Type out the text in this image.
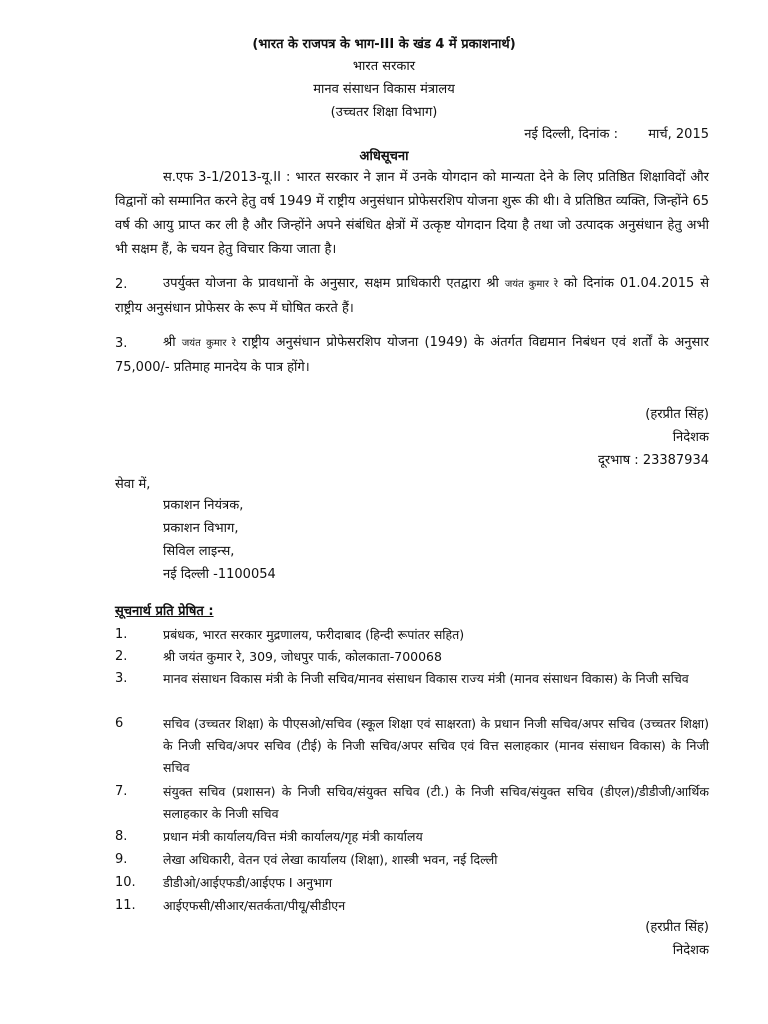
(भारत के राजपत्र के भाग-III के खंड 4 में प्रकाशनार्थ)
भारत सरकार
मानव संसाधन विकास मंत्रालय
(उच्चतर शिक्षा विभाग)
नई दिल्ली, दिनांक : मार्च, 2015
अधिसूचना
स.एफ 3-1/2013-यू.II : भारत सरकार ने ज्ञान में उनके योगदान को मान्यता देने के लिए प्रतिष्ठित शिक्षाविदों और विद्वानों को सम्मानित करने हेतु वर्ष 1949 में राष्ट्रीय अनुसंधान प्रोफेसरशिप योजना शुरू की थी। वे प्रतिष्ठित व्यक्ति, जिन्होंने 65 वर्ष की आयु प्राप्त कर ली है और जिन्होंने अपने संबंधित क्षेत्रों में उत्कृष्ट योगदान दिया है तथा जो उत्पादक अनुसंधान हेतु अभी भी सक्षम हैं, के चयन हेतु विचार किया जाता है।
2.	उपर्युक्त योजना के प्रावधानों के अनुसार, सक्षम प्राधिकारी एतद्वारा श्री जयंत कुमार रे को दिनांक 01.04.2015 से राष्ट्रीय अनुसंधान प्रोफेसर के रूप में घोषित करते हैं।
3.	श्री जयंत कुमार रे राष्ट्रीय अनुसंधान प्रोफेसरशिप योजना (1949) के अंतर्गत विद्यमान निबंधन एवं शर्तों के अनुसार 75,000/- प्रतिमाह मानदेय के पात्र होंगे।
(हरप्रीत सिंह)
निदेशक
दूरभाष : 23387934
सेवा में,
प्रकाशन नियंत्रक,
प्रकाशन विभाग,
सिविल लाइन्स,
नई दिल्ली -1100054
सूचनार्थ प्रति प्रेषित :
1.	प्रबंधक, भारत सरकार मुद्रणालय, फरीदाबाद (हिन्दी रूपांतर सहित)
2.	श्री जयंत कुमार रे, 309, जोधपुर पार्क, कोलकाता-700068
3.	मानव संसाधन विकास मंत्री के निजी सचिव/मानव संसाधन विकास राज्य मंत्री (मानव संसाधन विकास) के निजी सचिव
6	सचिव (उच्चतर शिक्षा) के पीएसओ/सचिव (स्कूल शिक्षा एवं साक्षरता) के प्रधान निजी सचिव/अपर सचिव (उच्चतर शिक्षा) के निजी सचिव/अपर सचिव (टीई) के निजी सचिव/अपर सचिव एवं वित्त सलाहकार (मानव संसाधन विकास) के निजी सचिव
7.	संयुक्त सचिव (प्रशासन) के निजी सचिव/संयुक्त सचिव (टी.) के निजी सचिव/संयुक्त सचिव (डीएल)/डीडीजी/आर्थिक सलाहकार के निजी सचिव
8.	प्रधान मंत्री कार्यालय/वित्त मंत्री कार्यालय/गृह मंत्री कार्यालय
9.	लेखा अधिकारी, वेतन एवं लेखा कार्यालय (शिक्षा), शास्त्री भवन, नई दिल्ली
10. डीडीओ/आईएफडी/आईएफ I अनुभाग
11. आईएफसी/सीआर/सतर्कता/पीयू/सीडीएन
(हरप्रीत सिंह)
निदेशक
